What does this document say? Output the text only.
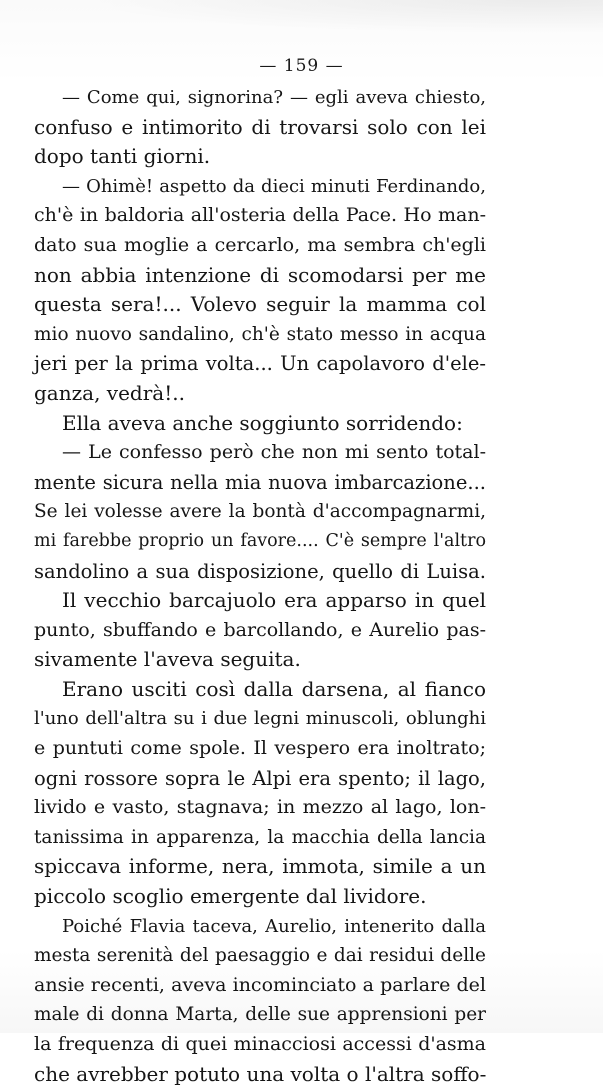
— 159 —
— Come qui, signorina? — egli aveva chiesto,
confuso e intimorito di trovarsi solo con lei
dopo tanti giorni.
— Ohimè! aspetto da dieci minuti Ferdinando,
ch'è in baldoria all'osteria della Pace. Ho man-
dato sua moglie a cercarlo, ma sembra ch'egli
non abbia intenzione di scomodarsi per me
questa sera!... Volevo seguir la mamma col
mio nuovo sandalino, ch'è stato messo in acqua
jeri per la prima volta... Un capolavoro d'ele-
ganza, vedrà!..
Ella aveva anche soggiunto sorridendo:
— Le confesso però che non mi sento total-
mente sicura nella mia nuova imbarcazione...
Se lei volesse avere la bontà d'accompagnarmi,
mi farebbe proprio un favore.... C'è sempre l'altro
sandolino a sua disposizione, quello di Luisa.
Il vecchio barcajuolo era apparso in quel
punto, sbuffando e barcollando, e Aurelio pas-
sivamente l'aveva seguita.
Erano usciti così dalla darsena, al fianco
l'uno dell'altra su i due legni minuscoli, oblunghi
e puntuti come spole. Il vespero era inoltrato;
ogni rossore sopra le Alpi era spento; il lago,
livido e vasto, stagnava; in mezzo al lago, lon-
tanissima in apparenza, la macchia della lancia
spiccava informe, nera, immota, simile a un
piccolo scoglio emergente dal lividore.
Poiché Flavia taceva, Aurelio, intenerito dalla
mesta serenità del paesaggio e dai residui delle
ansie recenti, aveva incominciato a parlare del
male di donna Marta, delle sue apprensioni per
la frequenza di quei minacciosi accessi d'asma
che avrebber potuto una volta o l'altra soffo-
